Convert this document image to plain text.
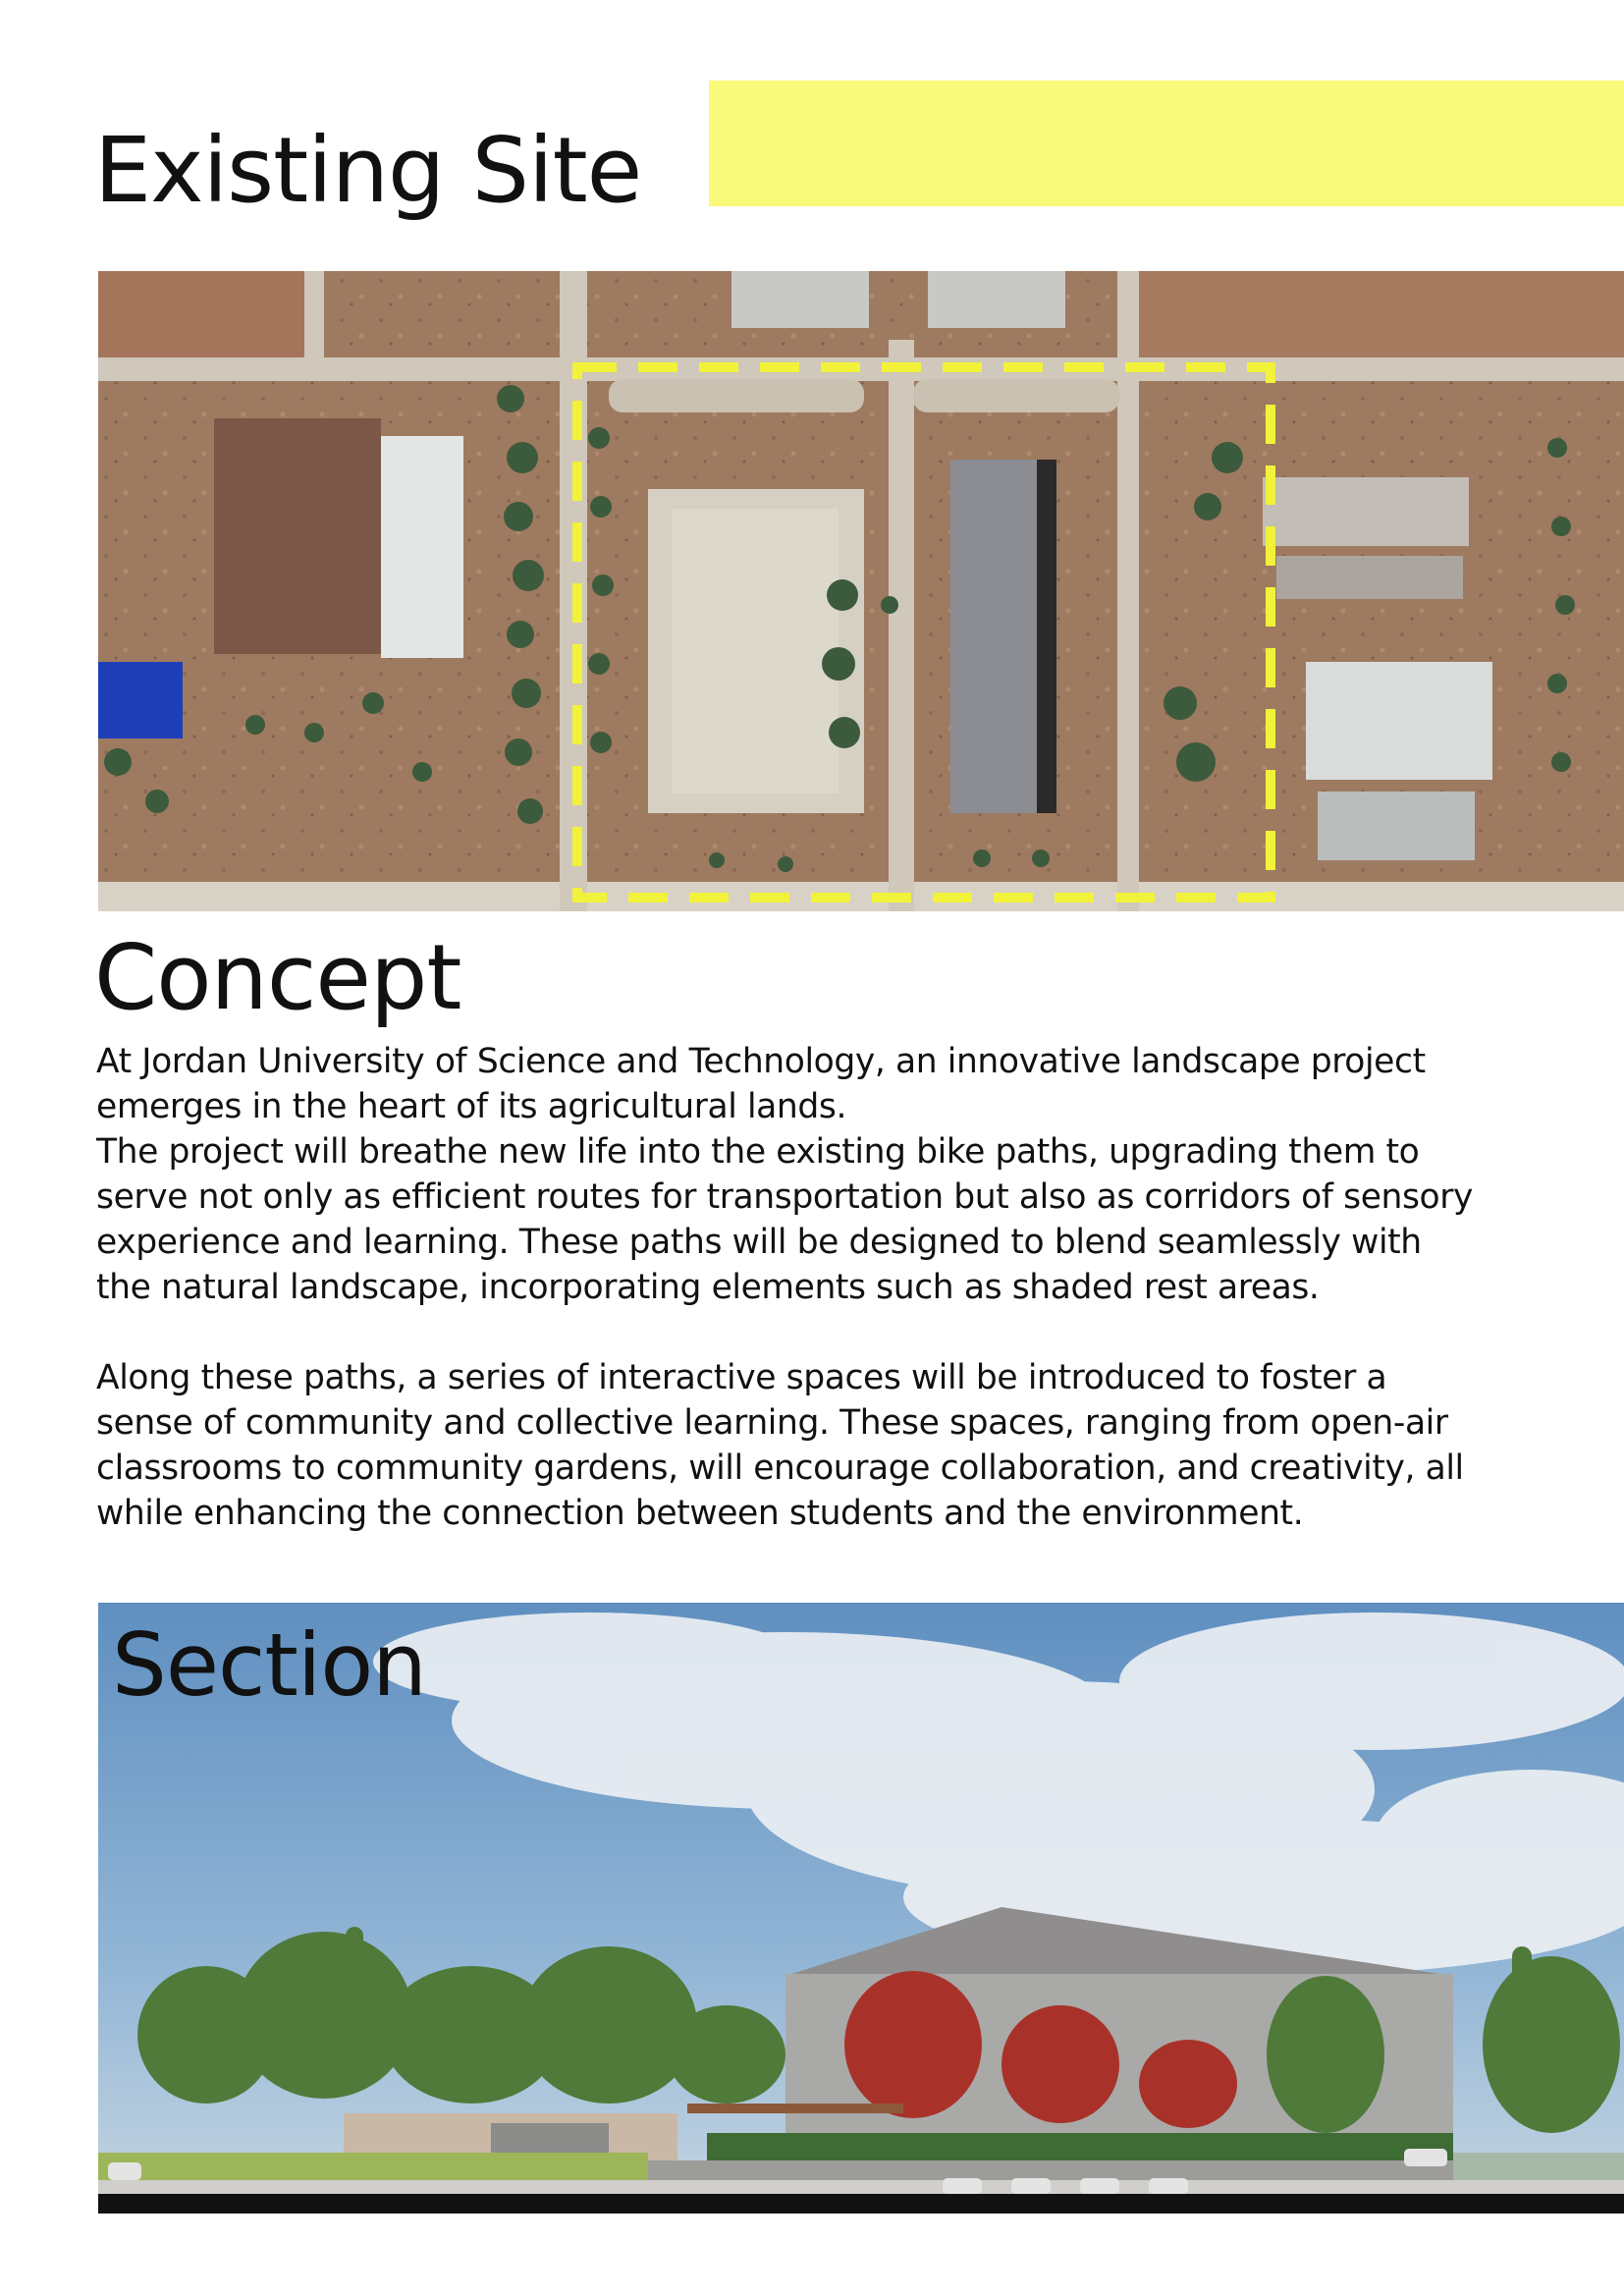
Existing Site
Concept

At Jordan University of Science and Technology, an innovative landscape project

emerges in the heart of its agricultural lands.

The project will breathe new life into the existing bike paths, upgrading them to

serve not only as efficient routes for transportation but also as corridors of sensory

experience and learning. These paths will be designed to blend seamlessly with

the natural landscape, incorporating elements such as shaded rest areas.

Along these paths, a series of interactive spaces will be introduced to foster a

sense of community and collective learning. These spaces, ranging from open-air

classrooms to community gardens, will encourage collaboration, and creativity, all

while enhancing the connection between students and the environment.

Section
